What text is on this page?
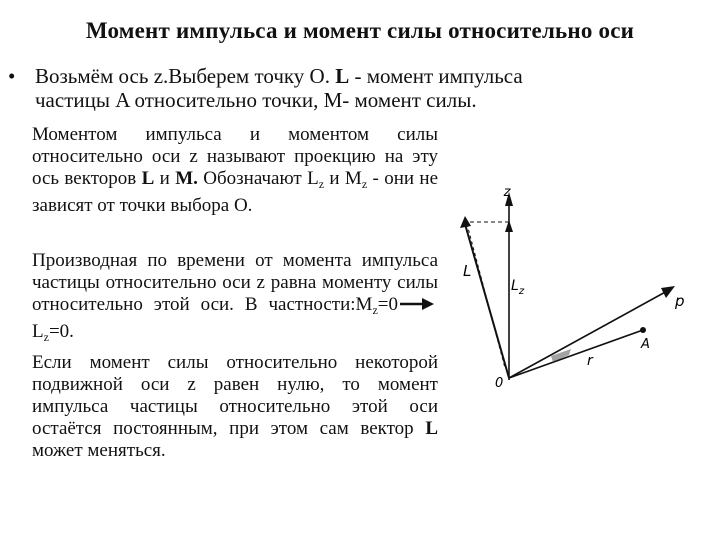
Момент импульса и момент силы относительно оси
• Возьмём ось z.Выберем точку O. L - момент импульса
частицы A относительно точки, M- момент силы.
Моментом импульса и моментом силы относительно оси z называют проекцию на эту ось векторов L и M. Обозначают $L_z$ и $M_z$ - они не зависят от точки выбора O.
Производная по времени от момента импульса частицы относительно оси z равна моменту силы относительно этой оси. В $частности:M_z=0L_z=0$.
Если момент силы относительно некоторой подвижной оси z равен нулю, то момент импульса частицы относительно этой оси остаётся постоянным, при этом сам вектор L может меняться.
z
$L_z$
L
r
A
p
0
